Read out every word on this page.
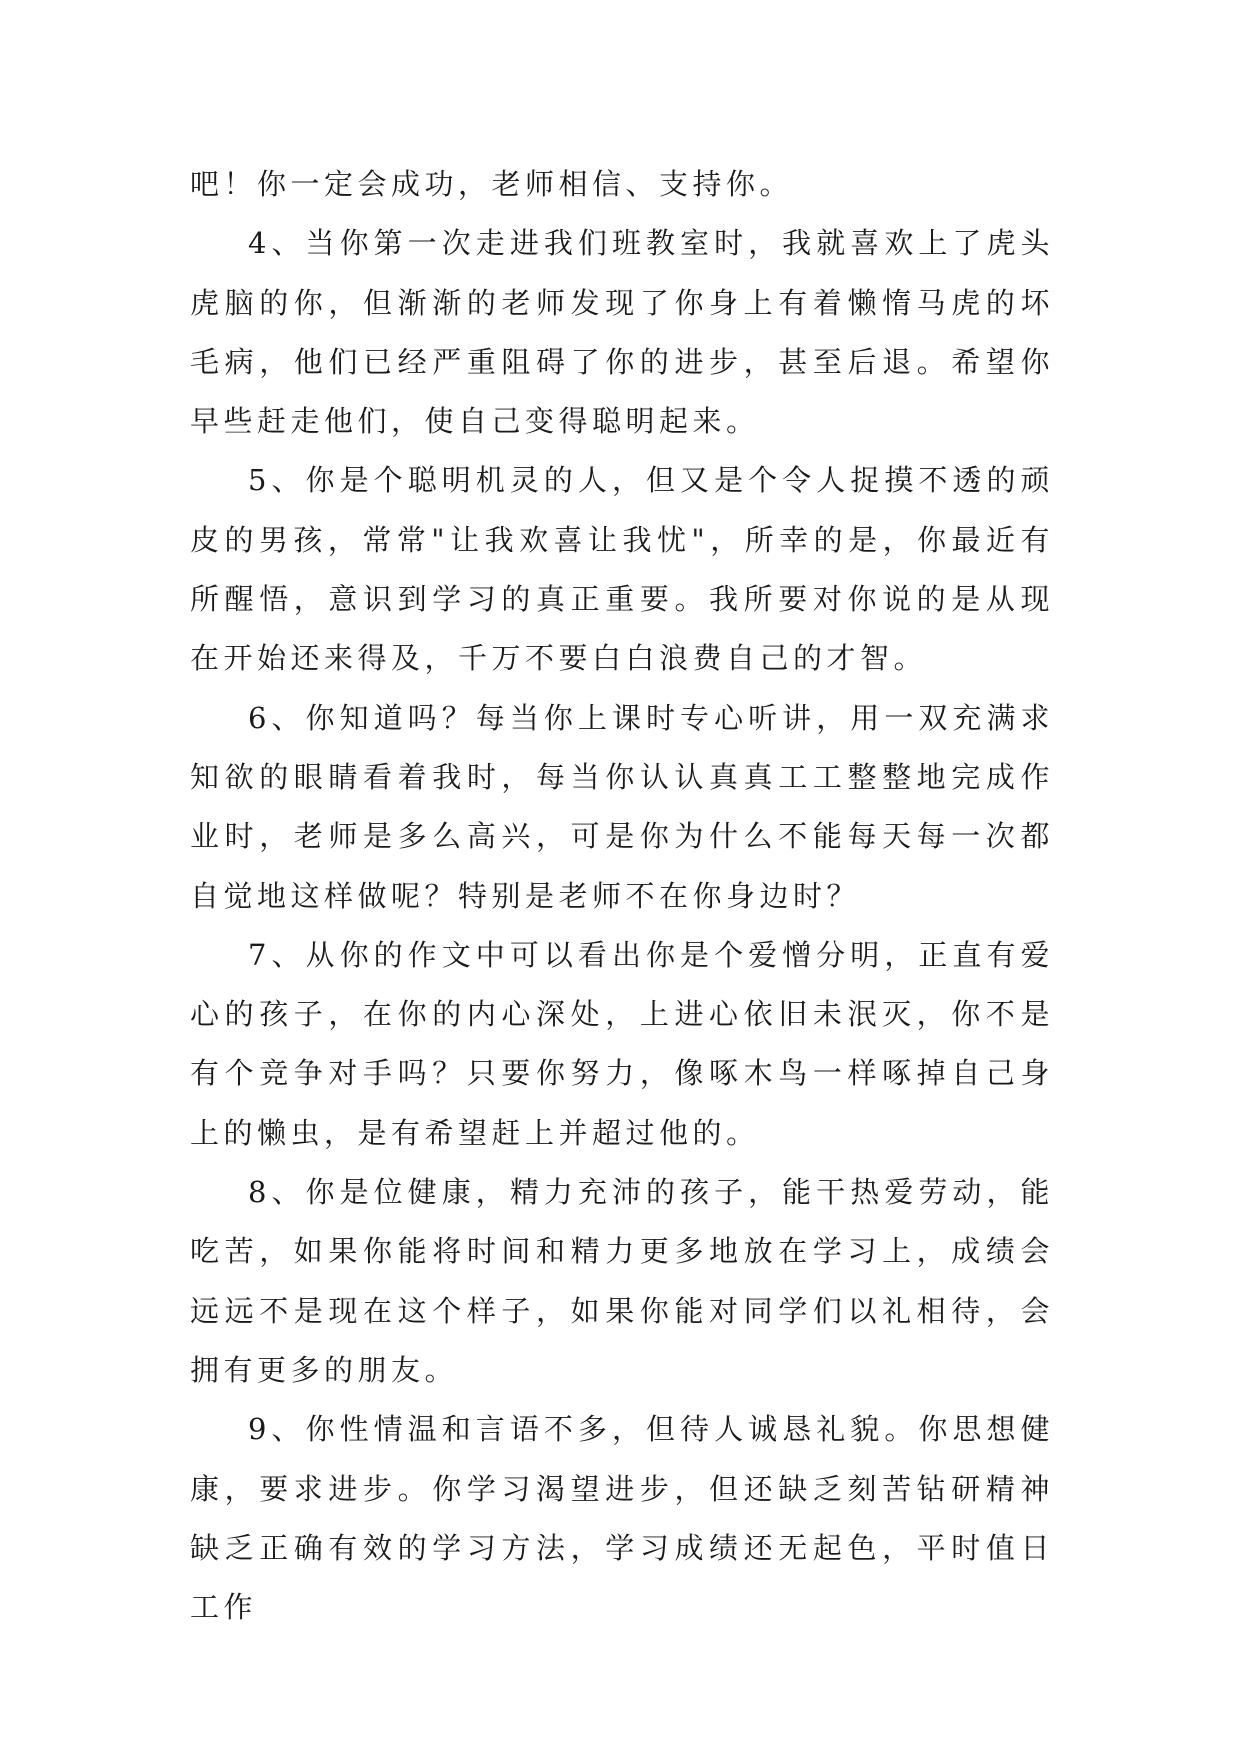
吧！你一定会成功，老师相信、支持你。

4、当你第一次走进我们班教室时，我就喜欢上了虎头虎脑的你，但渐渐的老师发现了你身上有着懒惰马虎的坏毛病，他们已经严重阻碍了你的进步，甚至后退。希望你早些赶走他们，使自己变得聪明起来。

5、你是个聪明机灵的人，但又是个令人捉摸不透的顽皮的男孩，常常"让我欢喜让我忧"，所幸的是，你最近有所醒悟，意识到学习的真正重要。我所要对你说的是从现在开始还来得及，千万不要白白浪费自己的才智。

6、你知道吗？每当你上课时专心听讲，用一双充满求知欲的眼睛看着我时，每当你认认真真工工整整地完成作业时，老师是多么高兴，可是你为什么不能每天每一次都自觉地这样做呢？特别是老师不在你身边时？

7、从你的作文中可以看出你是个爱憎分明，正直有爱心的孩子，在你的内心深处，上进心依旧未泯灭，你不是有个竞争对手吗？只要你努力，像啄木鸟一样啄掉自己身上的懒虫，是有希望赶上并超过他的。

8、你是位健康，精力充沛的孩子，能干热爱劳动，能吃苦，如果你能将时间和精力更多地放在学习上，成绩会远远不是现在这个样子，如果你能对同学们以礼相待，会拥有更多的朋友。

9、你性情温和言语不多，但待人诚恳礼貌。你思想健康，要求进步。你学习渴望进步，但还缺乏刻苦钻研精神缺乏正确有效的学习方法，学习成绩还无起色，平时值日工作
